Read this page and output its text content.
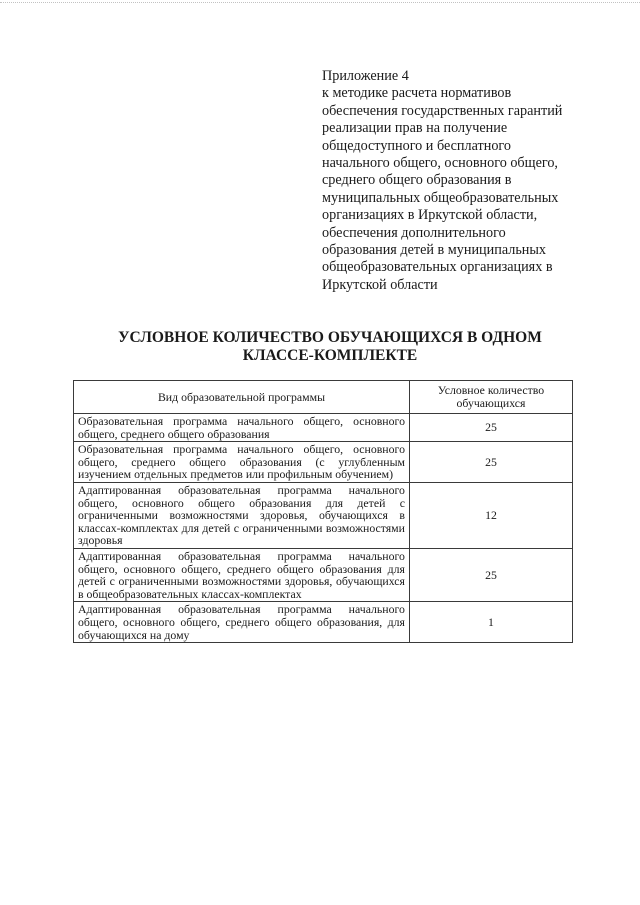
Приложение 4
к методике расчета нормативов
обеспечения государственных гарантий
реализации прав на получение
общедоступного и бесплатного
начального общего, основного общего,
среднего общего образования в
муниципальных общеобразовательных
организациях в Иркутской области,
обеспечения дополнительного
образования детей в муниципальных
общеобразовательных организациях в
Иркутской области
УСЛОВНОЕ КОЛИЧЕСТВО ОБУЧАЮЩИХСЯ В ОДНОМ
КЛАССЕ-КОМПЛЕКТЕ
Вид образовательной программы	Условное количество обучающихся
Образовательная программа начального общего, основного общего, среднего общего образования	25
Образовательная программа начального общего, основного общего, среднего общего образования (с углубленным изучением отдельных предметов или профильным обучением)	25
Адаптированная образовательная программа начального общего, основного общего образования для детей с ограниченными возможностями здоровья, обучающихся в классах-комплектах для детей с ограниченными возможностями здоровья	12
Адаптированная образовательная программа начального общего, основного общего, среднего общего образования для детей с ограниченными возможностями здоровья, обучающихся в общеобразовательных классах-комплектах	25
Адаптированная образовательная программа начального общего, основного общего, среднего общего образования, для обучающихся на дому	1
